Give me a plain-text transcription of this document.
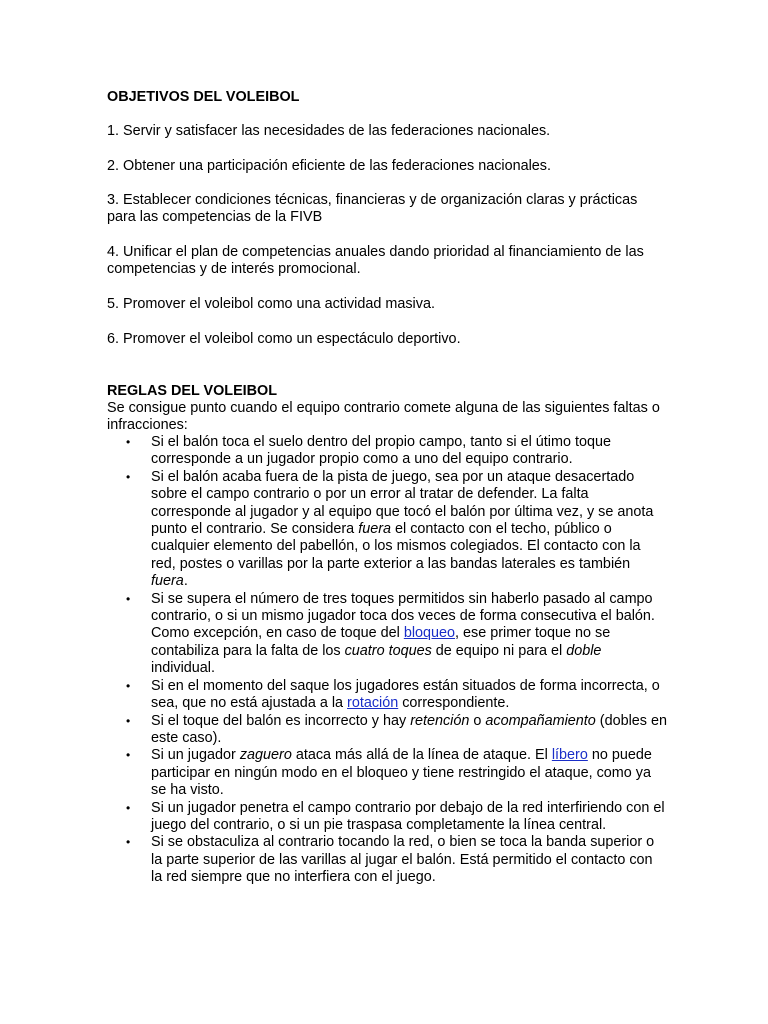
OBJETIVOS DEL VOLEIBOL
1. Servir y satisfacer las necesidades de las federaciones nacionales.
2. Obtener una participación eficiente de las federaciones nacionales.
3. Establecer condiciones técnicas, financieras y de organización claras y prácticas para las competencias de la FIVB
4. Unificar el plan de competencias anuales dando prioridad al financiamiento de las competencias y de interés promocional.
5. Promover el voleibol como una actividad masiva.
6. Promover el voleibol como un espectáculo deportivo.
REGLAS DEL VOLEIBOL
Se consigue punto cuando el equipo contrario comete alguna de las siguientes faltas o infracciones:
• Si el balón toca el suelo dentro del propio campo, tanto si el útimo toque corresponde a un jugador propio como a uno del equipo contrario.
• Si el balón acaba fuera de la pista de juego, sea por un ataque desacertado sobre el campo contrario o por un error al tratar de defender. La falta corresponde al jugador y al equipo que tocó el balón por última vez, y se anota punto el contrario. Se considera fuera el contacto con el techo, público o cualquier elemento del pabellón, o los mismos colegiados. El contacto con la red, postes o varillas por la parte exterior a las bandas laterales es también fuera.
• Si se supera el número de tres toques permitidos sin haberlo pasado al campo contrario, o si un mismo jugador toca dos veces de forma consecutiva el balón. Como excepción, en caso de toque del bloqueo, ese primer toque no se contabiliza para la falta de los cuatro toques de equipo ni para el doble individual.
• Si en el momento del saque los jugadores están situados de forma incorrecta, o sea, que no está ajustada a la rotación correspondiente.
• Si el toque del balón es incorrecto y hay retención o acompañamiento (dobles en este caso).
• Si un jugador zaguero ataca más allá de la línea de ataque. El líbero no puede participar en ningún modo en el bloqueo y tiene restringido el ataque, como ya se ha visto.
• Si un jugador penetra el campo contrario por debajo de la red interfiriendo con el juego del contrario, o si un pie traspasa completamente la línea central.
• Si se obstaculiza al contrario tocando la red, o bien se toca la banda superior o la parte superior de las varillas al jugar el balón. Está permitido el contacto con la red siempre que no interfiera con el juego.
